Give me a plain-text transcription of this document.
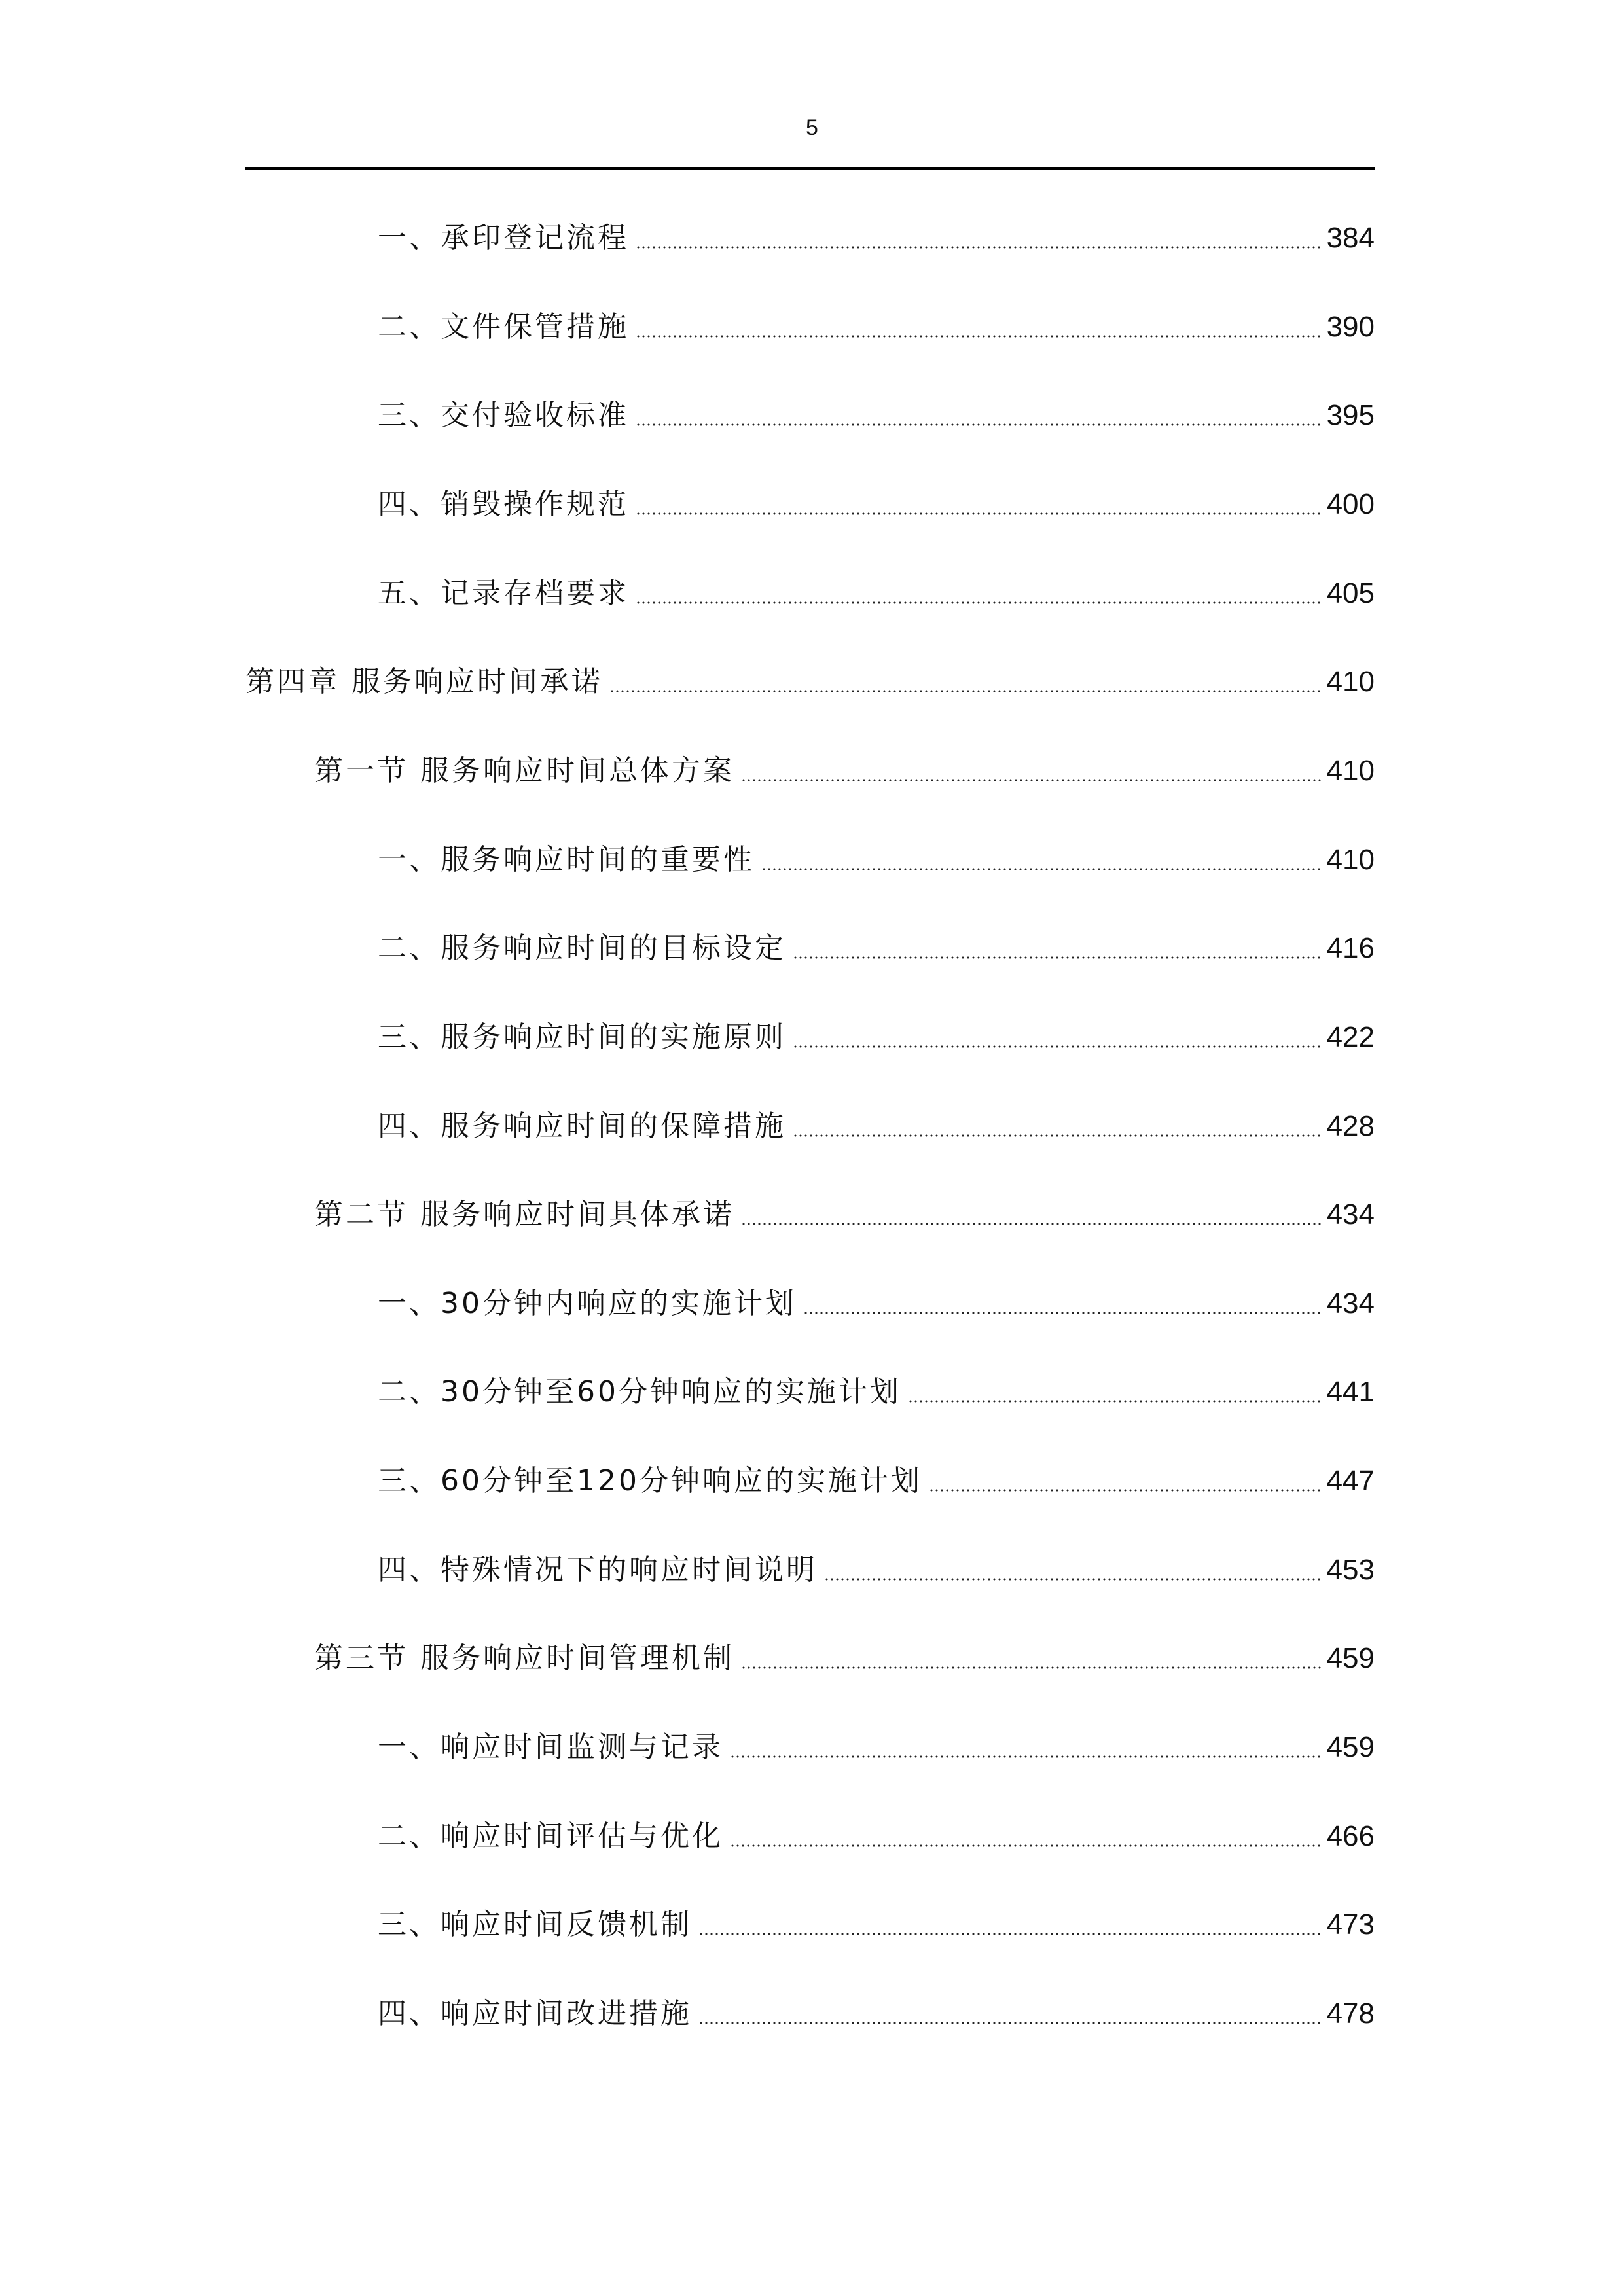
5
一、承印登记流程	384
二、文件保管措施	390
三、交付验收标准	395
四、销毁操作规范	400
五、记录存档要求	405
第四章 服务响应时间承诺	410
第一节 服务响应时间总体方案	410
一、服务响应时间的重要性	410
二、服务响应时间的目标设定	416
三、服务响应时间的实施原则	422
四、服务响应时间的保障措施	428
第二节 服务响应时间具体承诺	434
一、30分钟内响应的实施计划	434
二、30分钟至60分钟响应的实施计划	441
三、60分钟至120分钟响应的实施计划	447
四、特殊情况下的响应时间说明	453
第三节 服务响应时间管理机制	459
一、响应时间监测与记录	459
二、响应时间评估与优化	466
三、响应时间反馈机制	473
四、响应时间改进措施	478
